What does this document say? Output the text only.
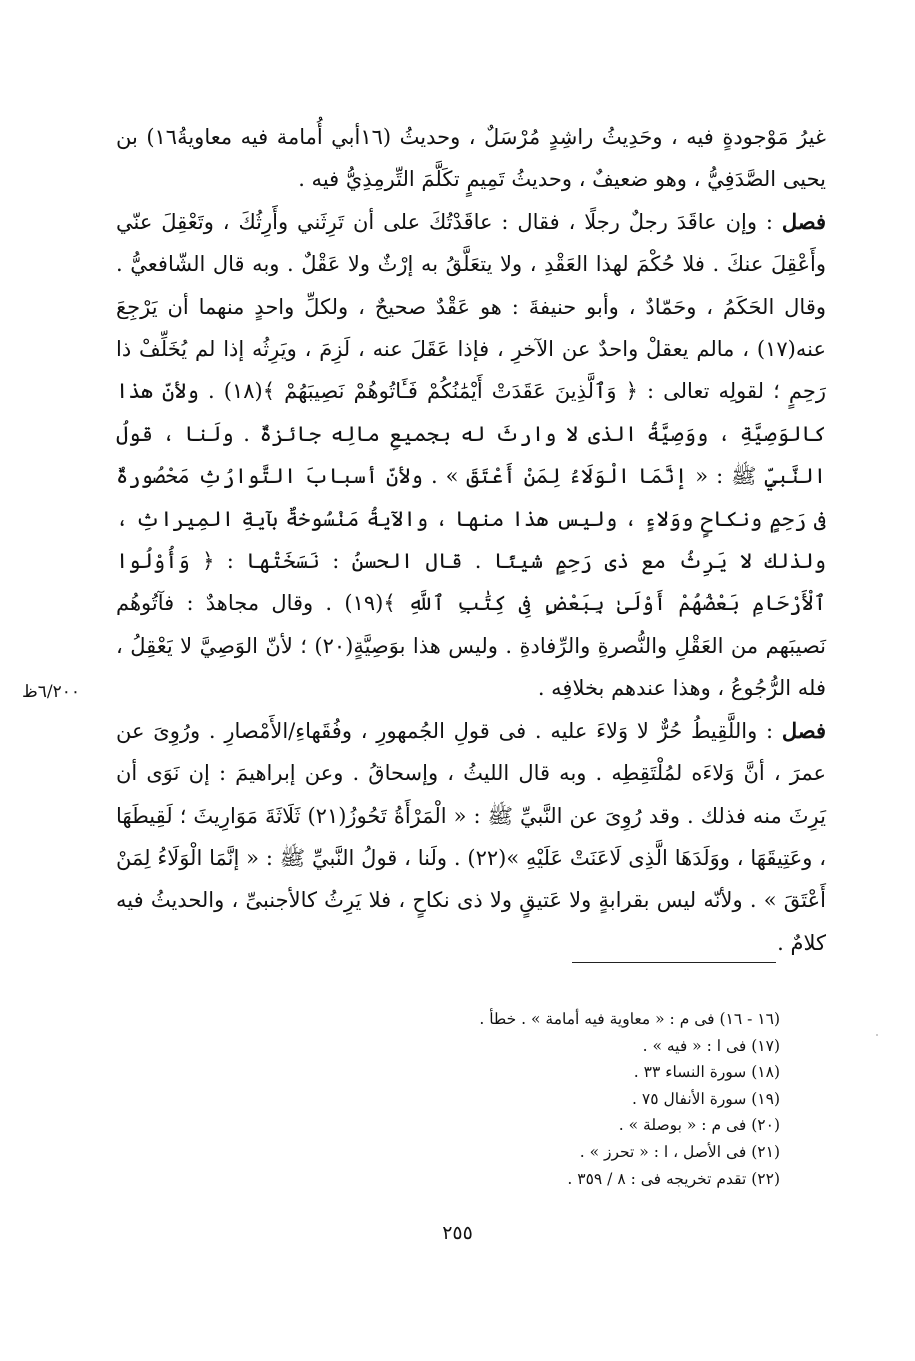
غيرُ مَوْجودةٍ فيه ، وحَدِيثُ راشِدٍ مُرْسَلٌ ، وحديثُ (١٦أبي أُمامة فيه معاويةُ١٦) بن يحيى الصَّدَفِيُّ ، وهو ضعيفٌ ، وحديثُ تَمِيمٍ تكَلَّمَ التِّرمِذِيُّ فيه .

فصل : وإن عاقَدَ رجلٌ رجلًا ، فقال : عاقَدْتُكَ على أن تَرِثَني وأَرِثُكَ ، وتَعْقِلَ عنّي وأَعْقِلَ عنكَ . فلا حُكْمَ لهذا العَقْدِ ، ولا يتعَلَّقُ به إرْثٌ ولا عَقْلٌ . وبه قال الشّافعيُّ . وقال الحَكَمُ ، وحَمّادٌ ، وأبو حنيفةَ : هو عَقْدٌ صحيحٌ ، ولكلِّ واحدٍ منهما أن يَرْجِعَ عنه(١٧) ، مالم يعقلْ واحدٌ عن الآخرِ ، فإذا عَقَلَ عنه ، لَزِمَ ، ويَرِثُه إذا لم يُخَلِّفْ ذا رَحِمٍ ؛ لقولِه تعالى : ﴿ وَٱلَّذِينَ عَقَدَتْ أَيْمَٰنُكُمْ فَـَٔاتُوهُمْ نَصِيبَهُمْ ﴾(١٨) . ولأنّ هذا كالوَصِيَّةِ ، ووَصِيَّةُ الذى لا وارثَ له بجميعِ مالِه جائزةٌ . ولَنا ، قولُ النَّبيِّ ﷺ : « إنَّمَا الْوَلَاءُ لِمَنْ أَعْتَقَ » . ولأنّ أسبابَ التَّوارُثِ مَحْصُورةٌ فى رَحِمٍ ونكاحٍ ووَلاءٍ ، وليس هذا منها ، والآيةُ مَنْسُوخةٌ بآيةِ المِيراثِ ، ولذلك لا يَرِثُ مع ذى رَحِمٍ شيئًا . قال الحسنُ : نَسَخَتْها : ﴿ وَأُوْلُوا ٱلْأَرْحَامِ بَعْضُهُمْ أَوْلَىٰ بِبَعْضٍ فِى كِتَٰبِ ٱللَّهِ ﴾(١٩) . وقال مجاهدٌ : فآتُوهُم نَصيبَهم من العَقْلِ والنُّصرةِ والرِّفادةِ . وليس هذا بوَصِيَّةٍ(٢٠) ؛ لأنّ الوَصِيَّ لا يَعْقِلُ ، فله الرُّجُوعُ ، وهذا عندهم بخلافِه .

فصل : واللَّقِيطُ حُرٌّ لا وَلاءَ عليه . فى قولِ الجُمهورِ ، وفُقَهاءِ/الأَمْصارِ . ورُوِىَ عن عمرَ ، أنَّ وَلاءَه لمُلْتَقِطِه . وبه قال الليثُ ، وإسحاقُ . وعن إبراهيمَ : إن نَوَى أن يَرِثَ منه فذلك . وقد رُوِىَ عن النَّبيِّ ﷺ : « الْمَرْأَةُ تَحُوزُ(٢١) ثَلَاثَةَ مَوَارِيثَ ؛ لَقِيطَهَا ، وعَتِيقَهَا ، ووَلَدَهَا الَّذِى لَاعَنَتْ عَلَيْهِ »(٢٢) . ولَنا ، قولُ النَّبيِّ ﷺ : « إنَّمَا الْوَلَاءُ لِمَنْ أَعْتَقَ » . ولأنّه ليس بقرابةٍ ولا عَتيقٍ ولا ذى نكاحٍ ، فلا يَرِثُ كالأجنبىِّ ، والحديثُ فيه كلامٌ .

٦/٢٠٠ظ

(١٦ - ١٦) فى م : « معاوية فيه أمامة » . خطأ .

(١٧) فى ا : « فيه » .

(١٨) سورة النساء ٣٣ .

(١٩) سورة الأنفال ٧٥ .

(٢٠) فى م : « بوصلة » .

(٢١) فى الأصل ، ا : « تحرز » .

(٢٢) تقدم تخريجه فى : ٨ / ٣٥٩ .

٢٥٥
